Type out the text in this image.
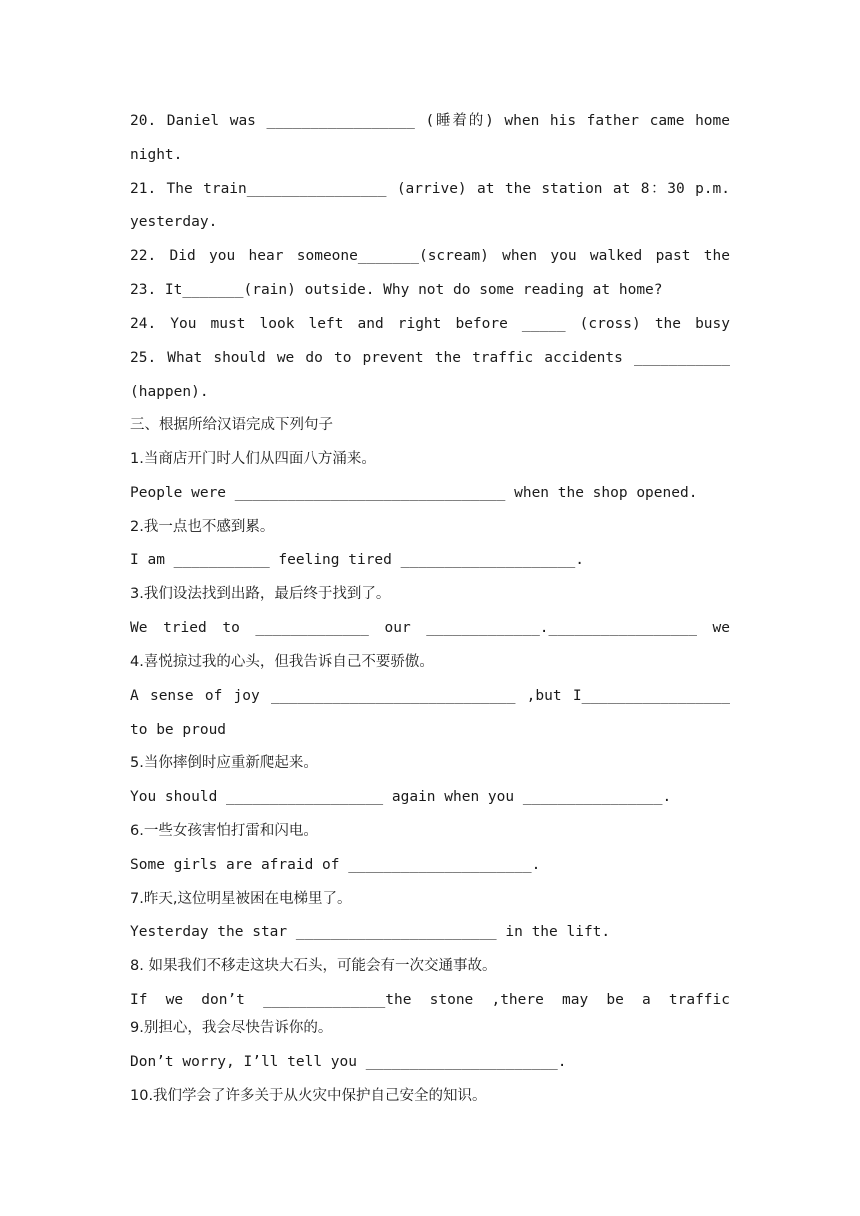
20. Daniel was _________________ (睡着的) when his father came home
night.
21. The train________________ (arrive) at the station at 8：30 p.m.
yesterday.
22. Did you hear someone_______(scream) when you walked past the
23. It_______(rain) outside. Why not do some reading at home?
24. You must look left and right before _____ (cross) the busy
25. What should we do to prevent the traffic accidents ___________
(happen).
三、根据所给汉语完成下列句子
1.当商店开门时人们从四面八方涌来。
People were _______________________________ when the shop opened.
2.我一点也不感到累。
I am ___________ feeling tired ____________________.
3.我们设法找到出路，最后终于找到了。
We tried to _____________ our _____________._________________ we
4.喜悦掠过我的心头，但我告诉自己不要骄傲。
A sense of joy ____________________________ ,but I_________________
to be proud
5.当你摔倒时应重新爬起来。
You should __________________ again when you ________________.
6.一些女孩害怕打雷和闪电。
Some girls are afraid of _____________________.
7.昨天,这位明星被困在电梯里了。
Yesterday the star _______________________ in the lift.
8. 如果我们不移走这块大石头，可能会有一次交通事故。
If we don’t ______________the stone ,there may be a traffic
9.别担心，我会尽快告诉你的。
Don’t worry, I’ll tell you ______________________.
10.我们学会了许多关于从火灾中保护自己安全的知识。
